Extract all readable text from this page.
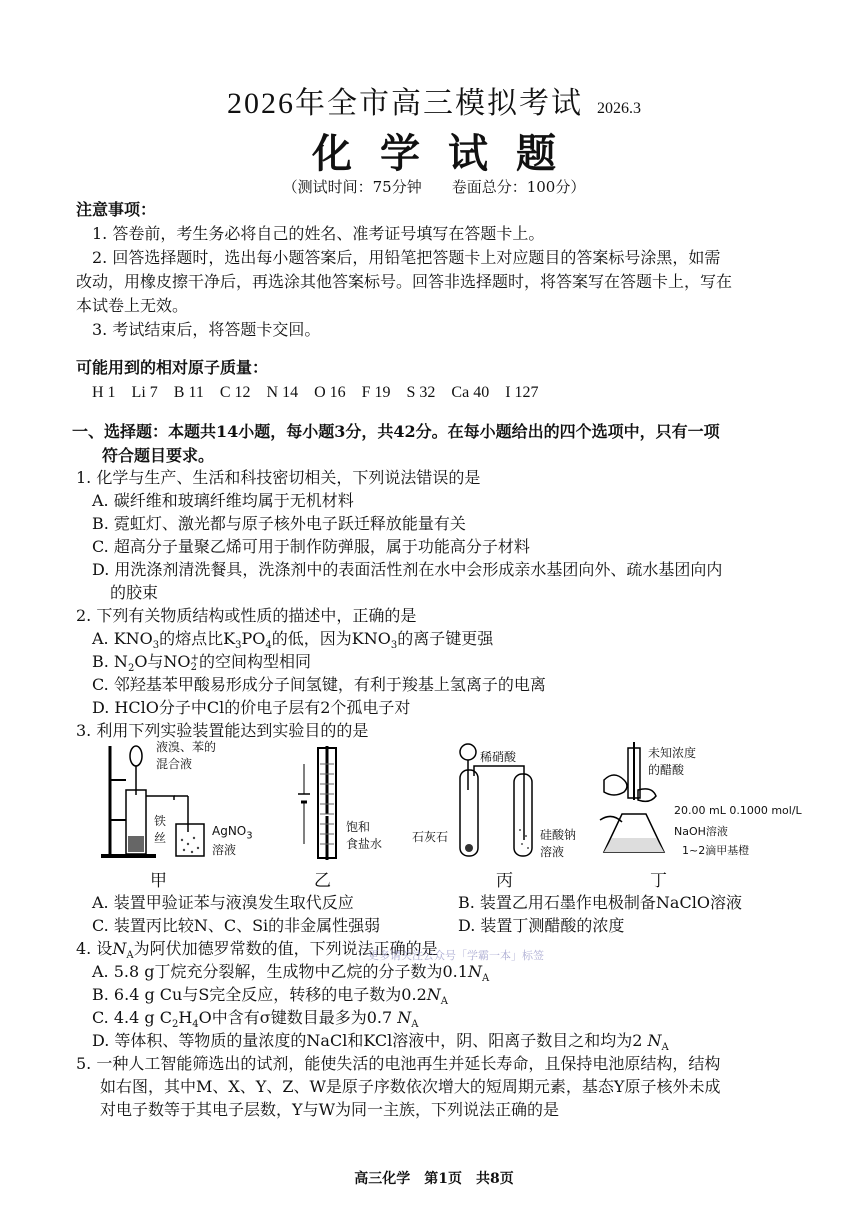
2026年全市高三模拟考试 2026.3
化学试题
（测试时间：75分钟　　卷面总分：100分）
注意事项：
1. 答卷前，考生务必将自己的姓名、准考证号填写在答题卡上。
2. 回答选择题时，选出每小题答案后，用铅笔把答题卡上对应题目的答案标号涂黑，如需
改动，用橡皮擦干净后，再选涂其他答案标号。回答非选择题时，将答案写在答题卡上，写在
本试卷上无效。
3. 考试结束后，将答题卡交回。
可能用到的相对原子质量：
H 1　Li 7　B 11　C 12　N 14　O 16　F 19　S 32　Ca 40　I 127
一、选择题：本题共14小题，每小题3分，共42分。在每小题给出的四个选项中，只有一项
符合题目要求。
1. 化学与生产、生活和科技密切相关，下列说法错误的是
A. 碳纤维和玻璃纤维均属于无机材料
B. 霓虹灯、激光都与原子核外电子跃迁释放能量有关
C. 超高分子量聚乙烯可用于制作防弹服，属于功能高分子材料
D. 用洗涤剂清洗餐具，洗涤剂中的表面活性剂在水中会形成亲水基团向外、疏水基团向内
的胶束
2. 下列有关物质结构或性质的描述中，正确的是
A. $KNO_3$的熔点比$K_3PO_4$的低，因为$KNO_3$的离子键更强
B. $N_2O$与NO +
2 的空间构型相同
C. 邻羟基苯甲酸易形成分子间氢键，有利于羧基上氢离子的电离
D. HClO分子中Cl的价电子层有2个孤电子对
3. 利用下列实验装置能达到实验目的的是
液溴、苯的
混合液
铁
丝	AgNO$_3$
溶液
饱和
食盐水
稀硝酸
石灰石	硅酸钠
溶液
未知浓度
的醋酸
20.00 mL 0.1000 mol/L
NaOH溶液
1~2滴甲基橙
甲	乙	丙	丁
A. 装置甲验证苯与液溴发生取代反应	B. 装置乙用石墨作电极制备NaClO溶液
C. 装置丙比较N、C、Si的非金属性强弱	D. 装置丁测醋酸的浓度
4. 设$N_A$为阿伏加德罗常数的值，下列说法正确的是
更多请关注公众号「学霸一本」标签
A. 5.8 g丁烷充分裂解，生成物中乙烷的分子数为$0.1N_A$
B. 6.4 g Cu与S完全反应，转移的电子数为$0.2N_A$
C. 4.4 g $C_2H_4O$中含有σ键数目最多为0.7 $N_A$
D. 等体积、等物质的量浓度的NaCl和KCl溶液中，阴、阳离子数目之和均为2 $N_A$
5. 一种人工智能筛选出的试剂，能使失活的电池再生并延长寿命，且保持电池原结构，结构
如右图，其中M、X、Y、Z、W是原子序数依次增大的短周期元素，基态Y原子核外未成
对电子数等于其电子层数，Y与W为同一主族，下列说法正确的是
高三化学　第1页　共8页
